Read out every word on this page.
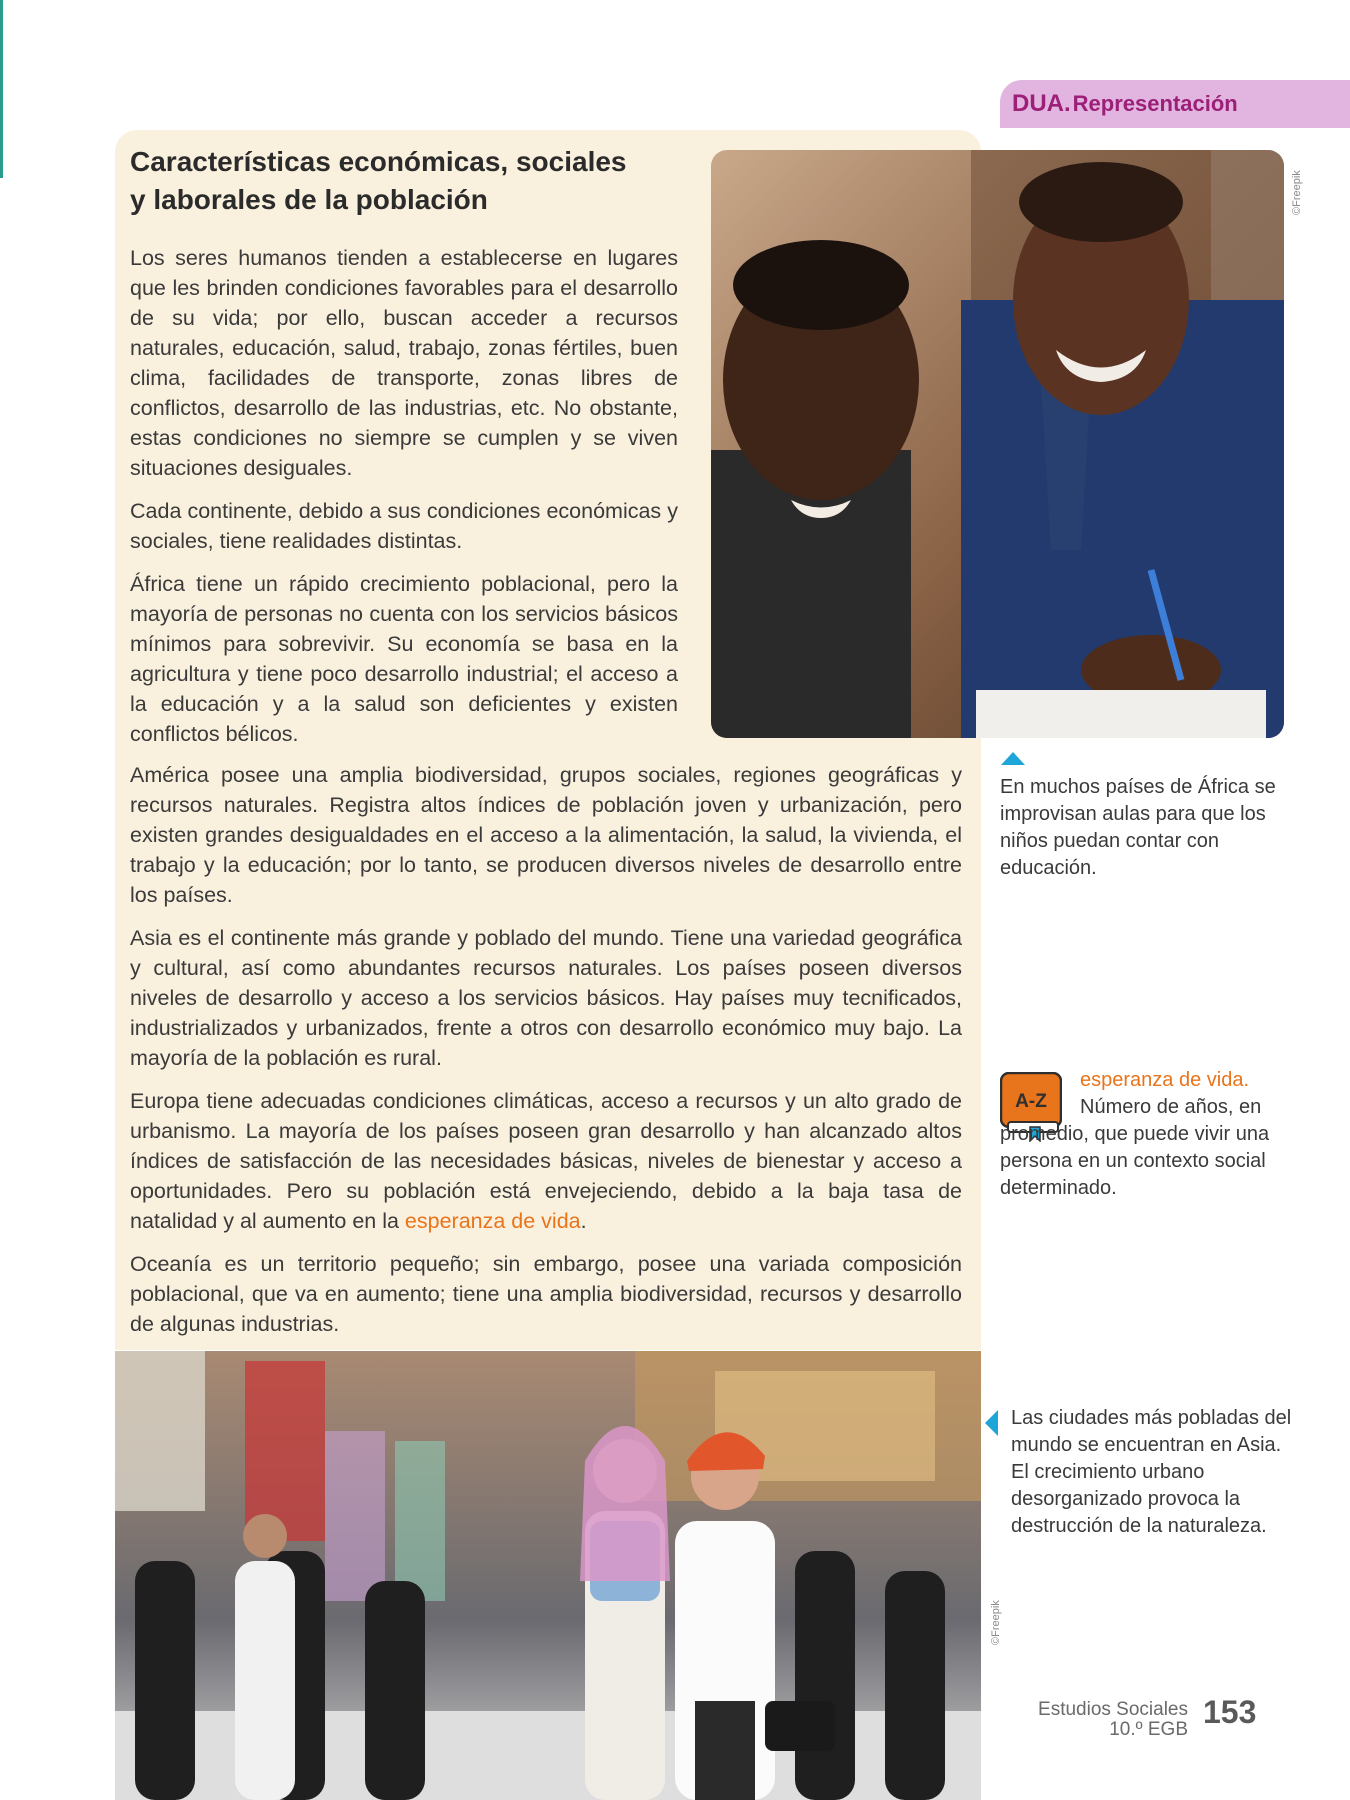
DUA. Representación
Características económicas, sociales
y laborales de la población

Los seres humanos tienden a establecerse en lugares que les brinden condiciones favorables para el desarrollo de su vida; por ello, buscan acceder a recursos naturales, educación, salud, trabajo, zonas fértiles, buen clima, facilidades de transporte, zonas libres de conflictos, desarrollo de las industrias, etc. No obstante, estas condiciones no siempre se cumplen y se viven situaciones desiguales.

Cada continente, debido a sus condiciones económicas y sociales, tiene realidades distintas.

África tiene un rápido crecimiento poblacional, pero la mayoría de personas no cuenta con los servicios básicos mínimos para sobrevivir. Su economía se basa en la agricultura y tiene poco desarrollo industrial; el acceso a la educación y a la salud son deficientes y existen conflictos bélicos.

©Freepik
En muchos países de África se improvisan aulas para que los niños puedan contar con educación.

América posee una amplia biodiversidad, grupos sociales, regiones geográficas y recursos naturales. Registra altos índices de población joven y urbanización, pero existen grandes desigualdades en el acceso a la alimentación, la salud, la vivienda, el trabajo y la educación; por lo tanto, se producen diversos niveles de desarrollo entre los países.

Asia es el continente más grande y poblado del mundo. Tiene una variedad geográfica y cultural, así como abundantes recursos naturales. Los países poseen diversos niveles de desarrollo y acceso a los servicios básicos. Hay países muy tecnificados, industrializados y urbanizados, frente a otros con desarrollo económico muy bajo. La mayoría de la población es rural.

Europa tiene adecuadas condiciones climáticas, acceso a recursos y un alto grado de urbanismo. La mayoría de los países poseen gran desarrollo y han alcanzado altos índices de satisfacción de las necesidades básicas, niveles de bienestar y acceso a oportunidades. Pero su población está envejeciendo, debido a la baja tasa de natalidad y al aumento en la esperanza de vida.

Oceanía es un territorio pequeño; sin embargo, posee una variada composición poblacional, que va en aumento; tiene una amplia biodiversidad, recursos y desarrollo de algunas industrias.

A-Z
esperanza de vida. Número de años, en promedio, que puede vivir una persona en un contexto social determinado.
©Freepik
Las ciudades más pobladas del mundo se encuentran en Asia. El crecimiento urbano desorganizado provoca la destrucción de la naturaleza.
Estudios Sociales
10.º EGB 153
